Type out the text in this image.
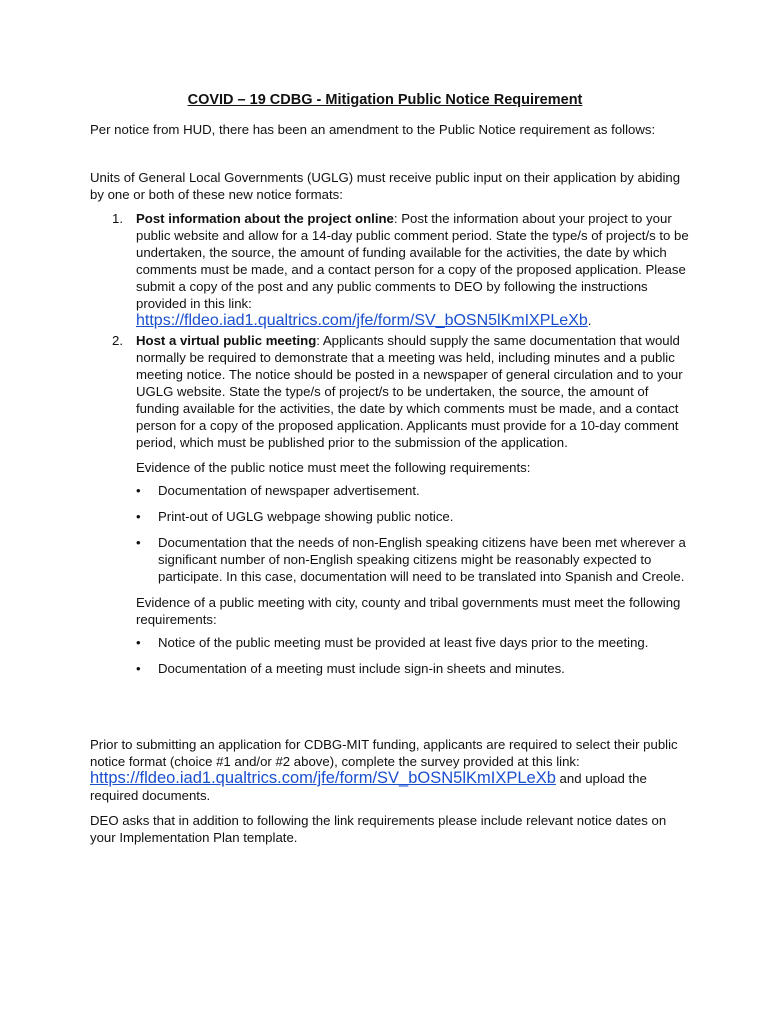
COVID – 19 CDBG - Mitigation Public Notice Requirement

Per notice from HUD, there has been an amendment to the Public Notice requirement as follows:

Units of General Local Governments (UGLG) must receive public input on their application by abiding by one or both of these new notice formats:

1. Post information about the project online: Post the information about your project to your public website and allow for a 14-day public comment period. State the type/s of project/s to be undertaken, the source, the amount of funding available for the activities, the date by which comments must be made, and a contact person for a copy of the proposed application. Please submit a copy of the post and any public comments to DEO by following the instructions provided in this link:
https://fldeo.iad1.qualtrics.com/jfe/form/SV_bOSN5lKmIXPLeXb.
2. Host a virtual public meeting: Applicants should supply the same documentation that would normally be required to demonstrate that a meeting was held, including minutes and a public meeting notice. The notice should be posted in a newspaper of general circulation and to your UGLG website. State the type/s of project/s to be undertaken, the source, the amount of funding available for the activities, the date by which comments must be made, and a contact person for a copy of the proposed application. Applicants must provide for a 10-day comment period, which must be published prior to the submission of the application.
Evidence of the public notice must meet the following requirements:
• Documentation of newspaper advertisement.
• Print-out of UGLG webpage showing public notice.
• Documentation that the needs of non-English speaking citizens have been met wherever a significant number of non-English speaking citizens might be reasonably expected to participate. In this case, documentation will need to be translated into Spanish and Creole.
Evidence of a public meeting with city, county and tribal governments must meet the following requirements:
• Notice of the public meeting must be provided at least five days prior to the meeting.
• Documentation of a meeting must include sign-in sheets and minutes.

Prior to submitting an application for CDBG-MIT funding, applicants are required to select their public notice format (choice #1 and/or #2 above), complete the survey provided at this link:
https://fldeo.iad1.qualtrics.com/jfe/form/SV_bOSN5lKmIXPLeXb and upload the required documents.

DEO asks that in addition to following the link requirements please include relevant notice dates on your Implementation Plan template.
